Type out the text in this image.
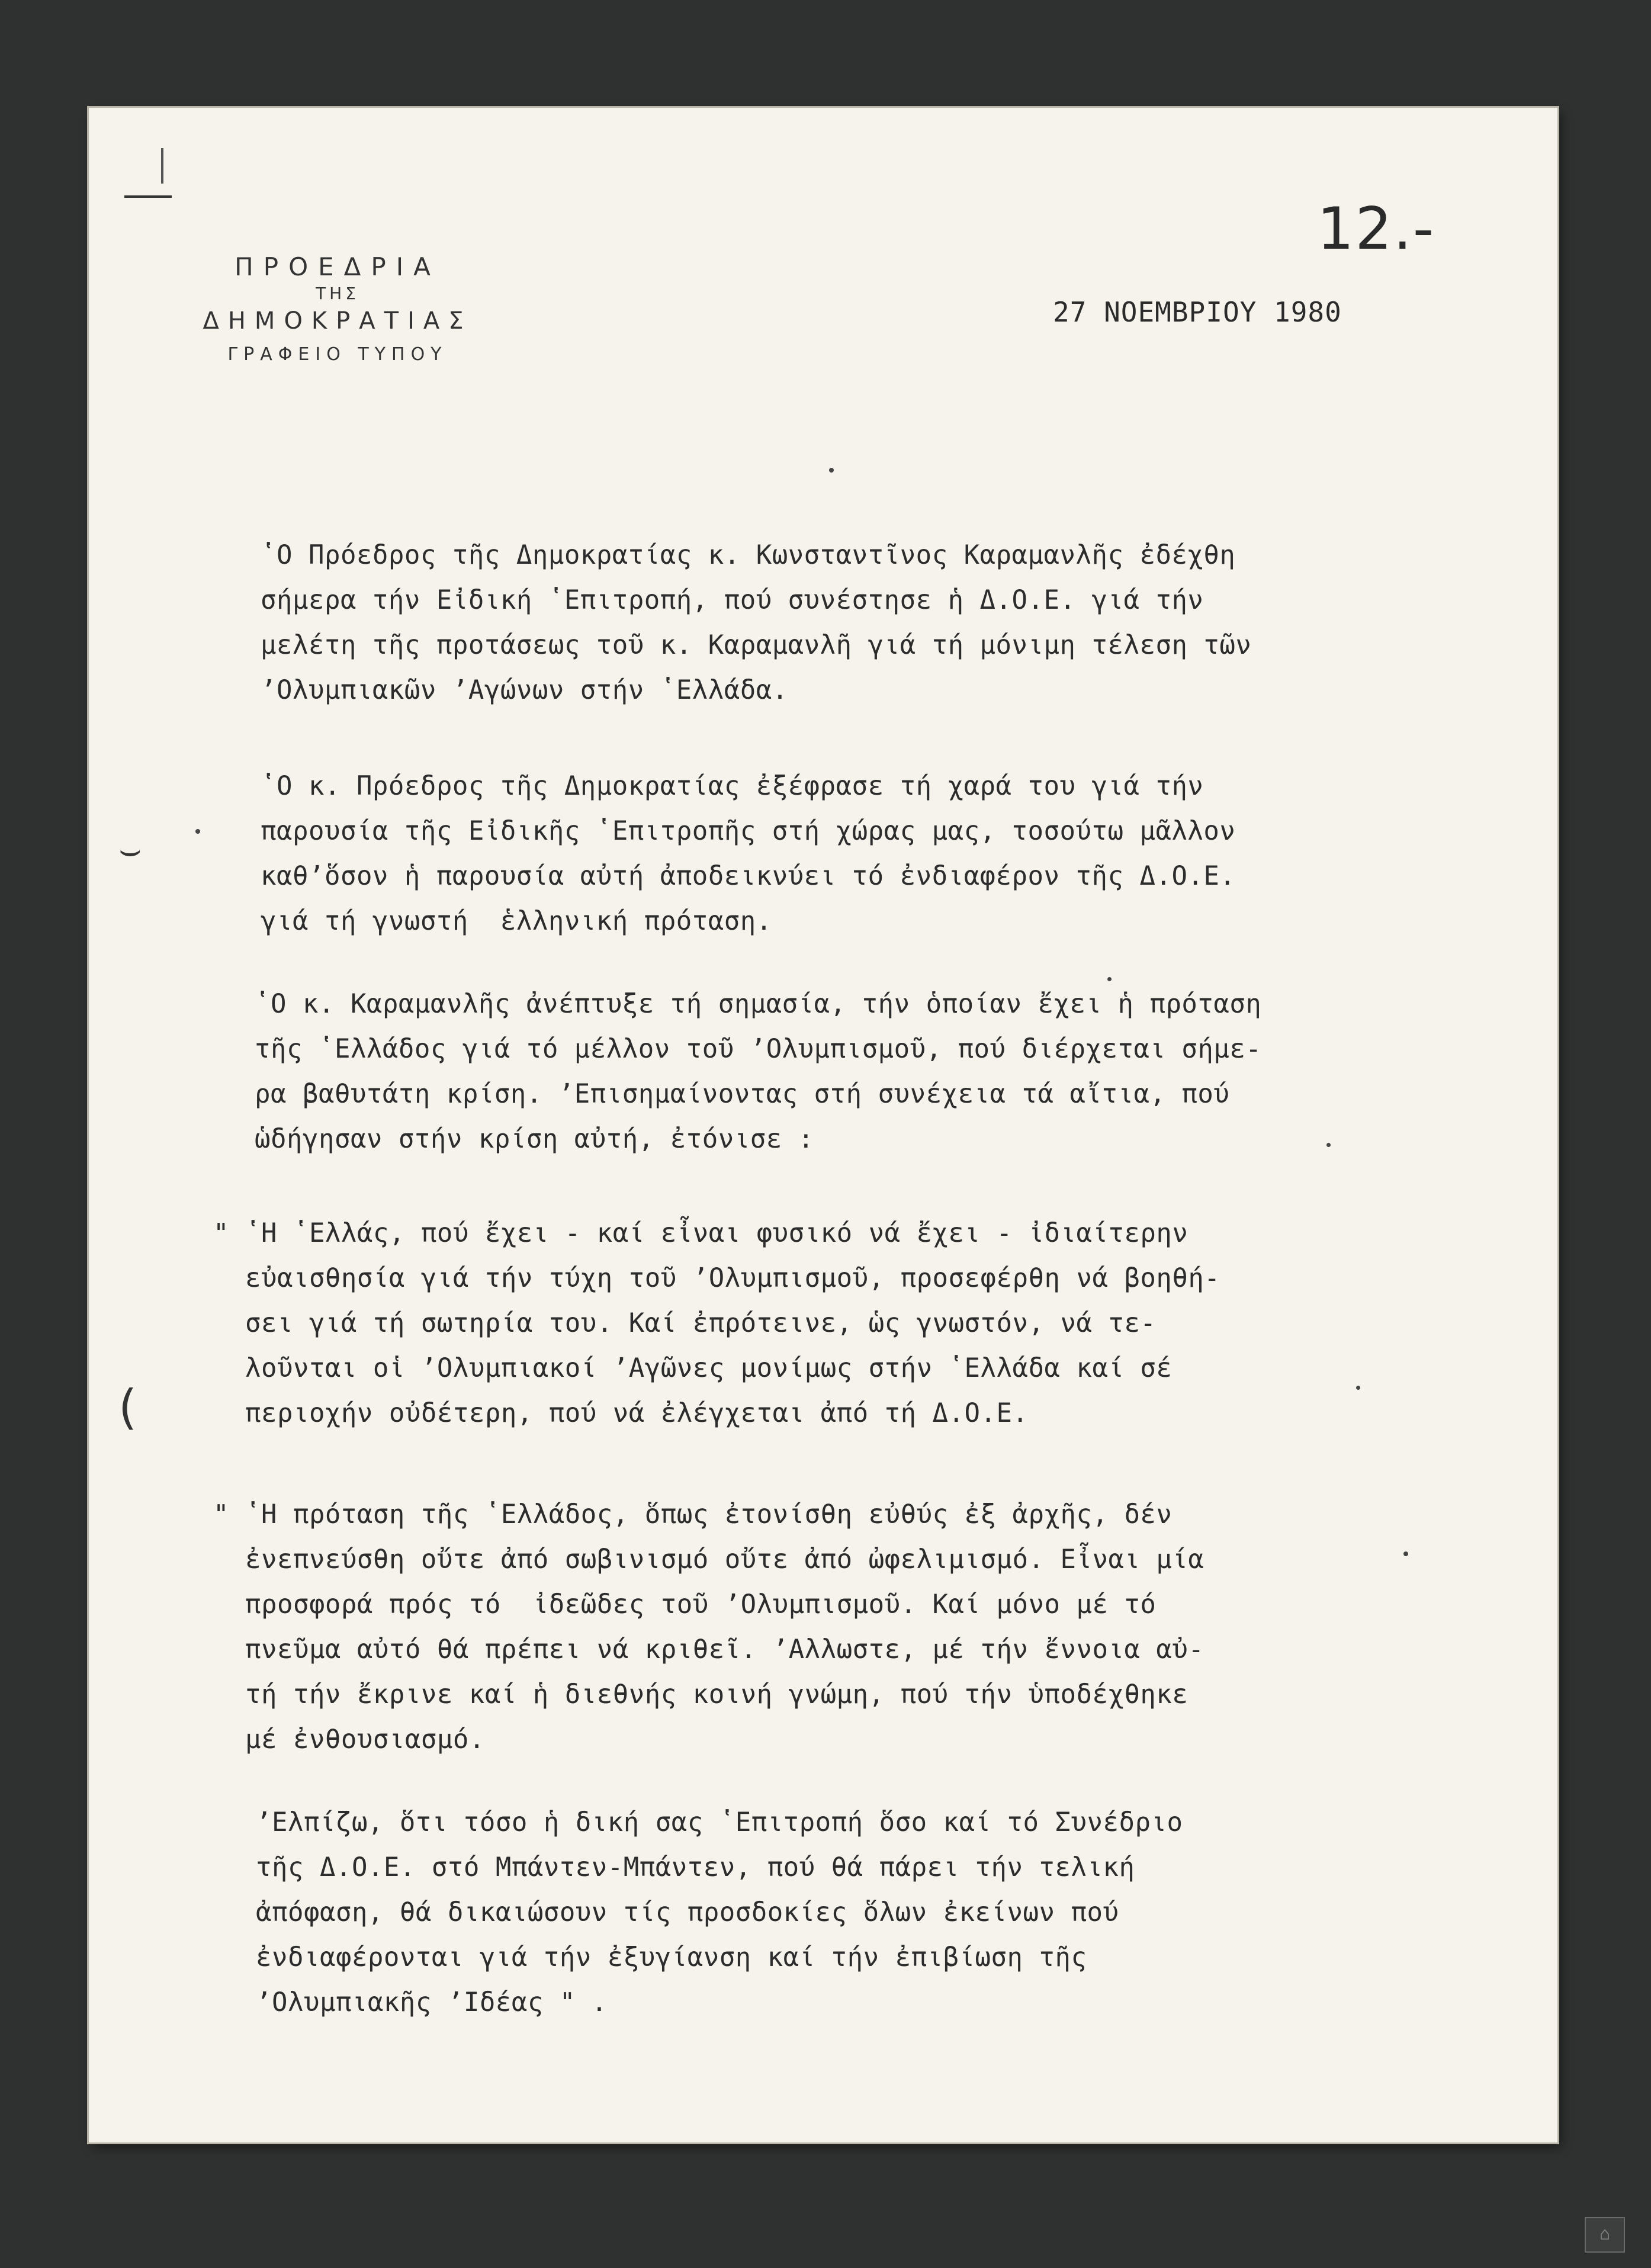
12.-
ΠΡΟΕΔΡΙΑ
ΤΗΣ
ΔΗΜΟΚΡΑΤΙΑΣ
ΓΡΑΦΕΙΟ ΤΥΠΟΥ
27 ΝΟΕΜΒΡΙΟΥ 1980
ʽΟ Πρόεδρος τῆς Δημοκρατίας κ. Κωνσταντῖνος Καραμανλῆς ἐδέχθη
σήμερα τήν Εἰδική ʽΕπιτροπή, πού συνέστησε ἡ Δ.Ο.Ε. γιά τήν
μελέτη τῆς προτάσεως τοῦ κ. Καραμανλῆ γιά τή μόνιμη τέλεση τῶν
ʼΟλυμπιακῶν ʼΑγώνων στήν ʽΕλλάδα.
ʽΟ κ. Πρόεδρος τῆς Δημοκρατίας ἐξέφρασε τή χαρά του γιά τήν
παρουσία τῆς Εἰδικῆς ʽΕπιτροπῆς στή χώρας μας, τοσούτω μᾶλλον
καθʼὅσον ἡ παρουσία αὐτή ἀποδεικνύει τό ἐνδιαφέρον τῆς Δ.Ο.Ε.
γιά τή γνωστή  ἑλληνική πρόταση.
ʽΟ κ. Καραμανλῆς ἀνέπτυξε τή σημασία, τήν ὁποίαν ἔχει ἡ πρόταση
τῆς ʽΕλλάδος γιά τό μέλλον τοῦ ʼΟλυμπισμοῦ, πού διέρχεται σήμε-
ρα βαθυτάτη κρίση. ʼΕπισημαίνοντας στή συνέχεια τά αἴτια, πού
ὡδήγησαν στήν κρίση αὐτή, ἐτόνισε :
" ʽΗ ʽΕλλάς, πού ἔχει - καί εἶναι φυσικό νά ἔχει - ἰδιαίτερην
εὐαισθησία γιά τήν τύχη τοῦ ʼΟλυμπισμοῦ, προσεφέρθη νά βοηθή-
σει γιά τή σωτηρία του. Καί ἐπρότεινε, ὡς γνωστόν, νά τε-
λοῦνται οἱ ʼΟλυμπιακοί ʼΑγῶνες μονίμως στήν ʽΕλλάδα καί σέ
περιοχήν οὐδέτερη, πού νά ἐλέγχεται ἀπό τή Δ.Ο.Ε.
" ʽΗ πρόταση τῆς ʽΕλλάδος, ὅπως ἐτονίσθη εὐθύς ἐξ ἀρχῆς, δέν
ἐνεπνεύσθη οὔτε ἀπό σωβινισμό οὔτε ἀπό ὠφελιμισμό. Εἶναι μία
προσφορά πρός τό  ἰδεῶδες τοῦ ʼΟλυμπισμοῦ. Καί μόνο μέ τό
πνεῦμα αὐτό θά πρέπει νά κριθεῖ. ʼΑλλωστε, μέ τήν ἔννοια αὐ-
τή τήν ἔκρινε καί ἡ διεθνής κοινή γνώμη, πού τήν ὑποδέχθηκε
μέ ἐνθουσιασμό.
ʼΕλπίζω, ὅτι τόσο ἡ δική σας ʽΕπιτροπή ὅσο καί τό Συνέδριο
τῆς Δ.Ο.Ε. στό Μπάντεν-Μπάντεν, πού θά πάρει τήν τελική
ἀπόφαση, θά δικαιώσουν τίς προσδοκίες ὅλων ἐκείνων πού
ἐνδιαφέρονται γιά τήν ἐξυγίανση καί τήν ἐπιβίωση τῆς
ʼΟλυμπιακῆς ʼΙδέας " .
⌣
(
⌂
